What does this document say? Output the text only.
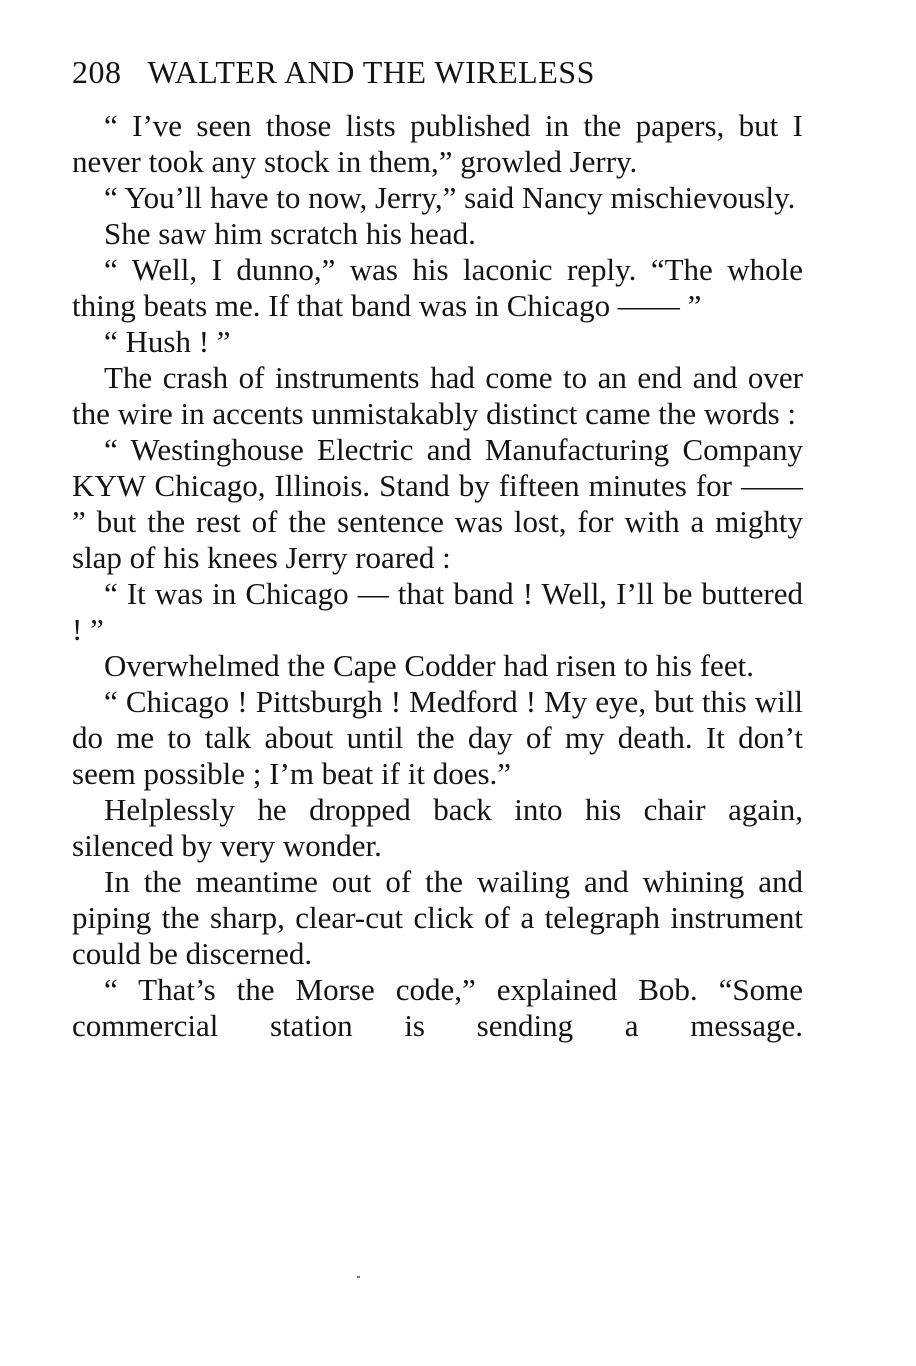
208 WALTER AND THE WIRELESS

“ I’ve seen those lists published in the papers, but I never took any stock in them,” growled Jerry.

“ You’ll have to now, Jerry,” said Nancy mischievously.

She saw him scratch his head.

“ Well, I dunno,” was his laconic reply. “The whole thing beats me. If that band was in Chicago —— ”

“ Hush ! ”

The crash of instruments had come to an end and over the wire in accents unmistakably distinct came the words :

“ Westinghouse Electric and Manufacturing Company KYW Chicago, Illinois. Stand by fifteen minutes for —— ” but the rest of the sentence was lost, for with a mighty slap of his knees Jerry roared :

“ It was in Chicago — that band ! Well, I’ll be buttered ! ”

Overwhelmed the Cape Codder had risen to his feet.

“ Chicago ! Pittsburgh ! Medford ! My eye, but this will do me to talk about until the day of my death. It don’t seem possible ; I’m beat if it does.”

Helplessly he dropped back into his chair again, silenced by very wonder.

In the meantime out of the wailing and whining and piping the sharp, clear-cut click of a telegraph instrument could be discerned.

“ That’s the Morse code,” explained Bob. “Some commercial station is sending a message.
